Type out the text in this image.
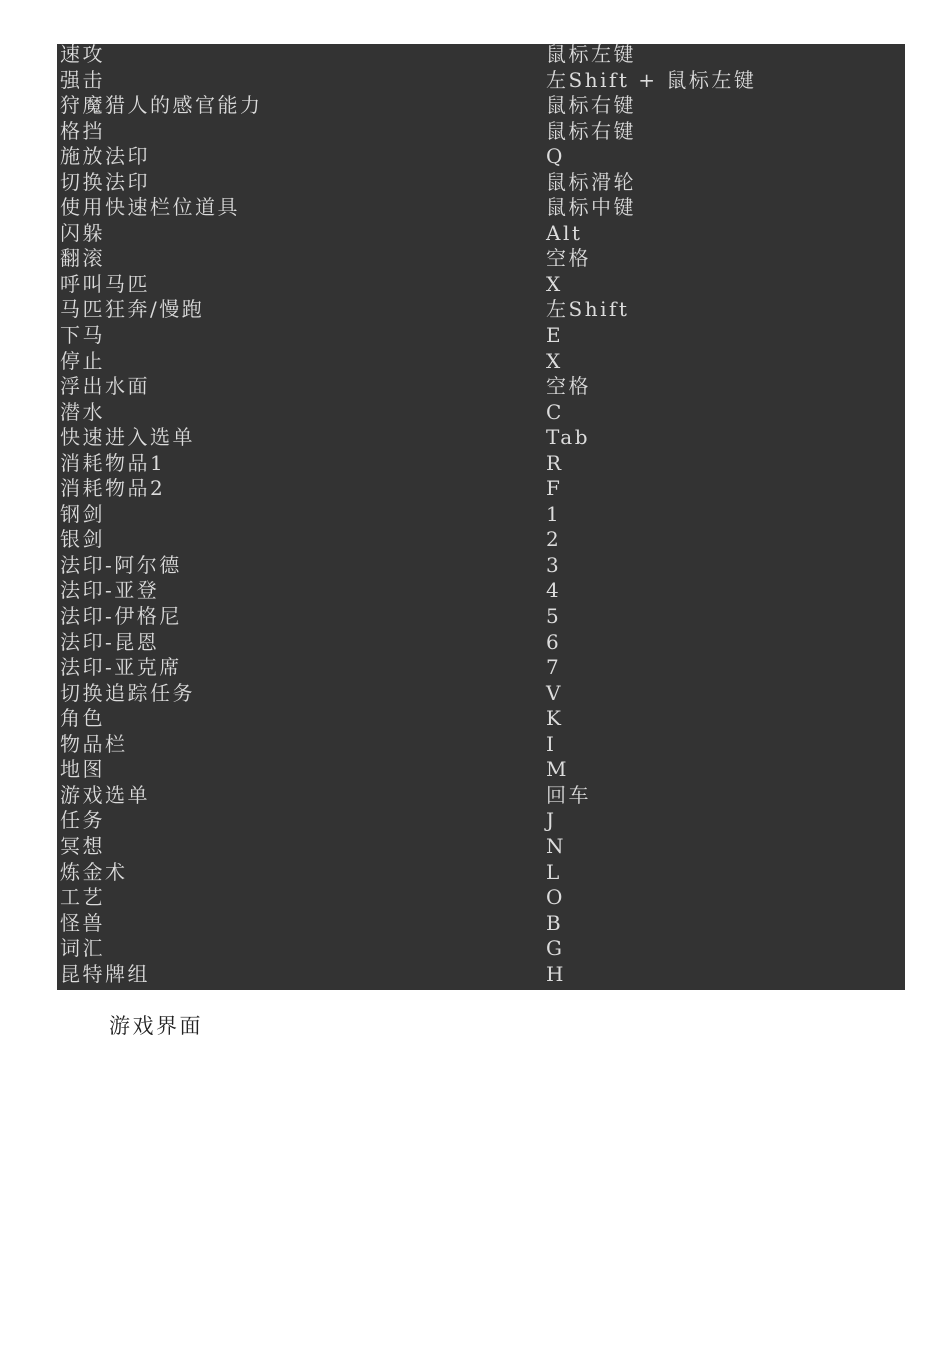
速攻	鼠标左键
强击	左Shift + 鼠标左键
狩魔猎人的感官能力	鼠标右键
格挡	鼠标右键
施放法印	Q
切换法印	鼠标滑轮
使用快速栏位道具	鼠标中键
闪躲	Alt
翻滚	空格
呼叫马匹	X
马匹狂奔/慢跑	左Shift
下马	E
停止	X
浮出水面	空格
潜水	C
快速进入选单	Tab
消耗物品1	R
消耗物品2	F
钢剑	1
银剑	2
法印-阿尔德	3
法印-亚登	4
法印-伊格尼	5
法印-昆恩	6
法印-亚克席	7
切换追踪任务	V
角色	K
物品栏	I
地图	M
游戏选单	回车
任务	J
冥想	N
炼金术	L
工艺	O
怪兽	B
词汇	G
昆特牌组	H
游戏界面
